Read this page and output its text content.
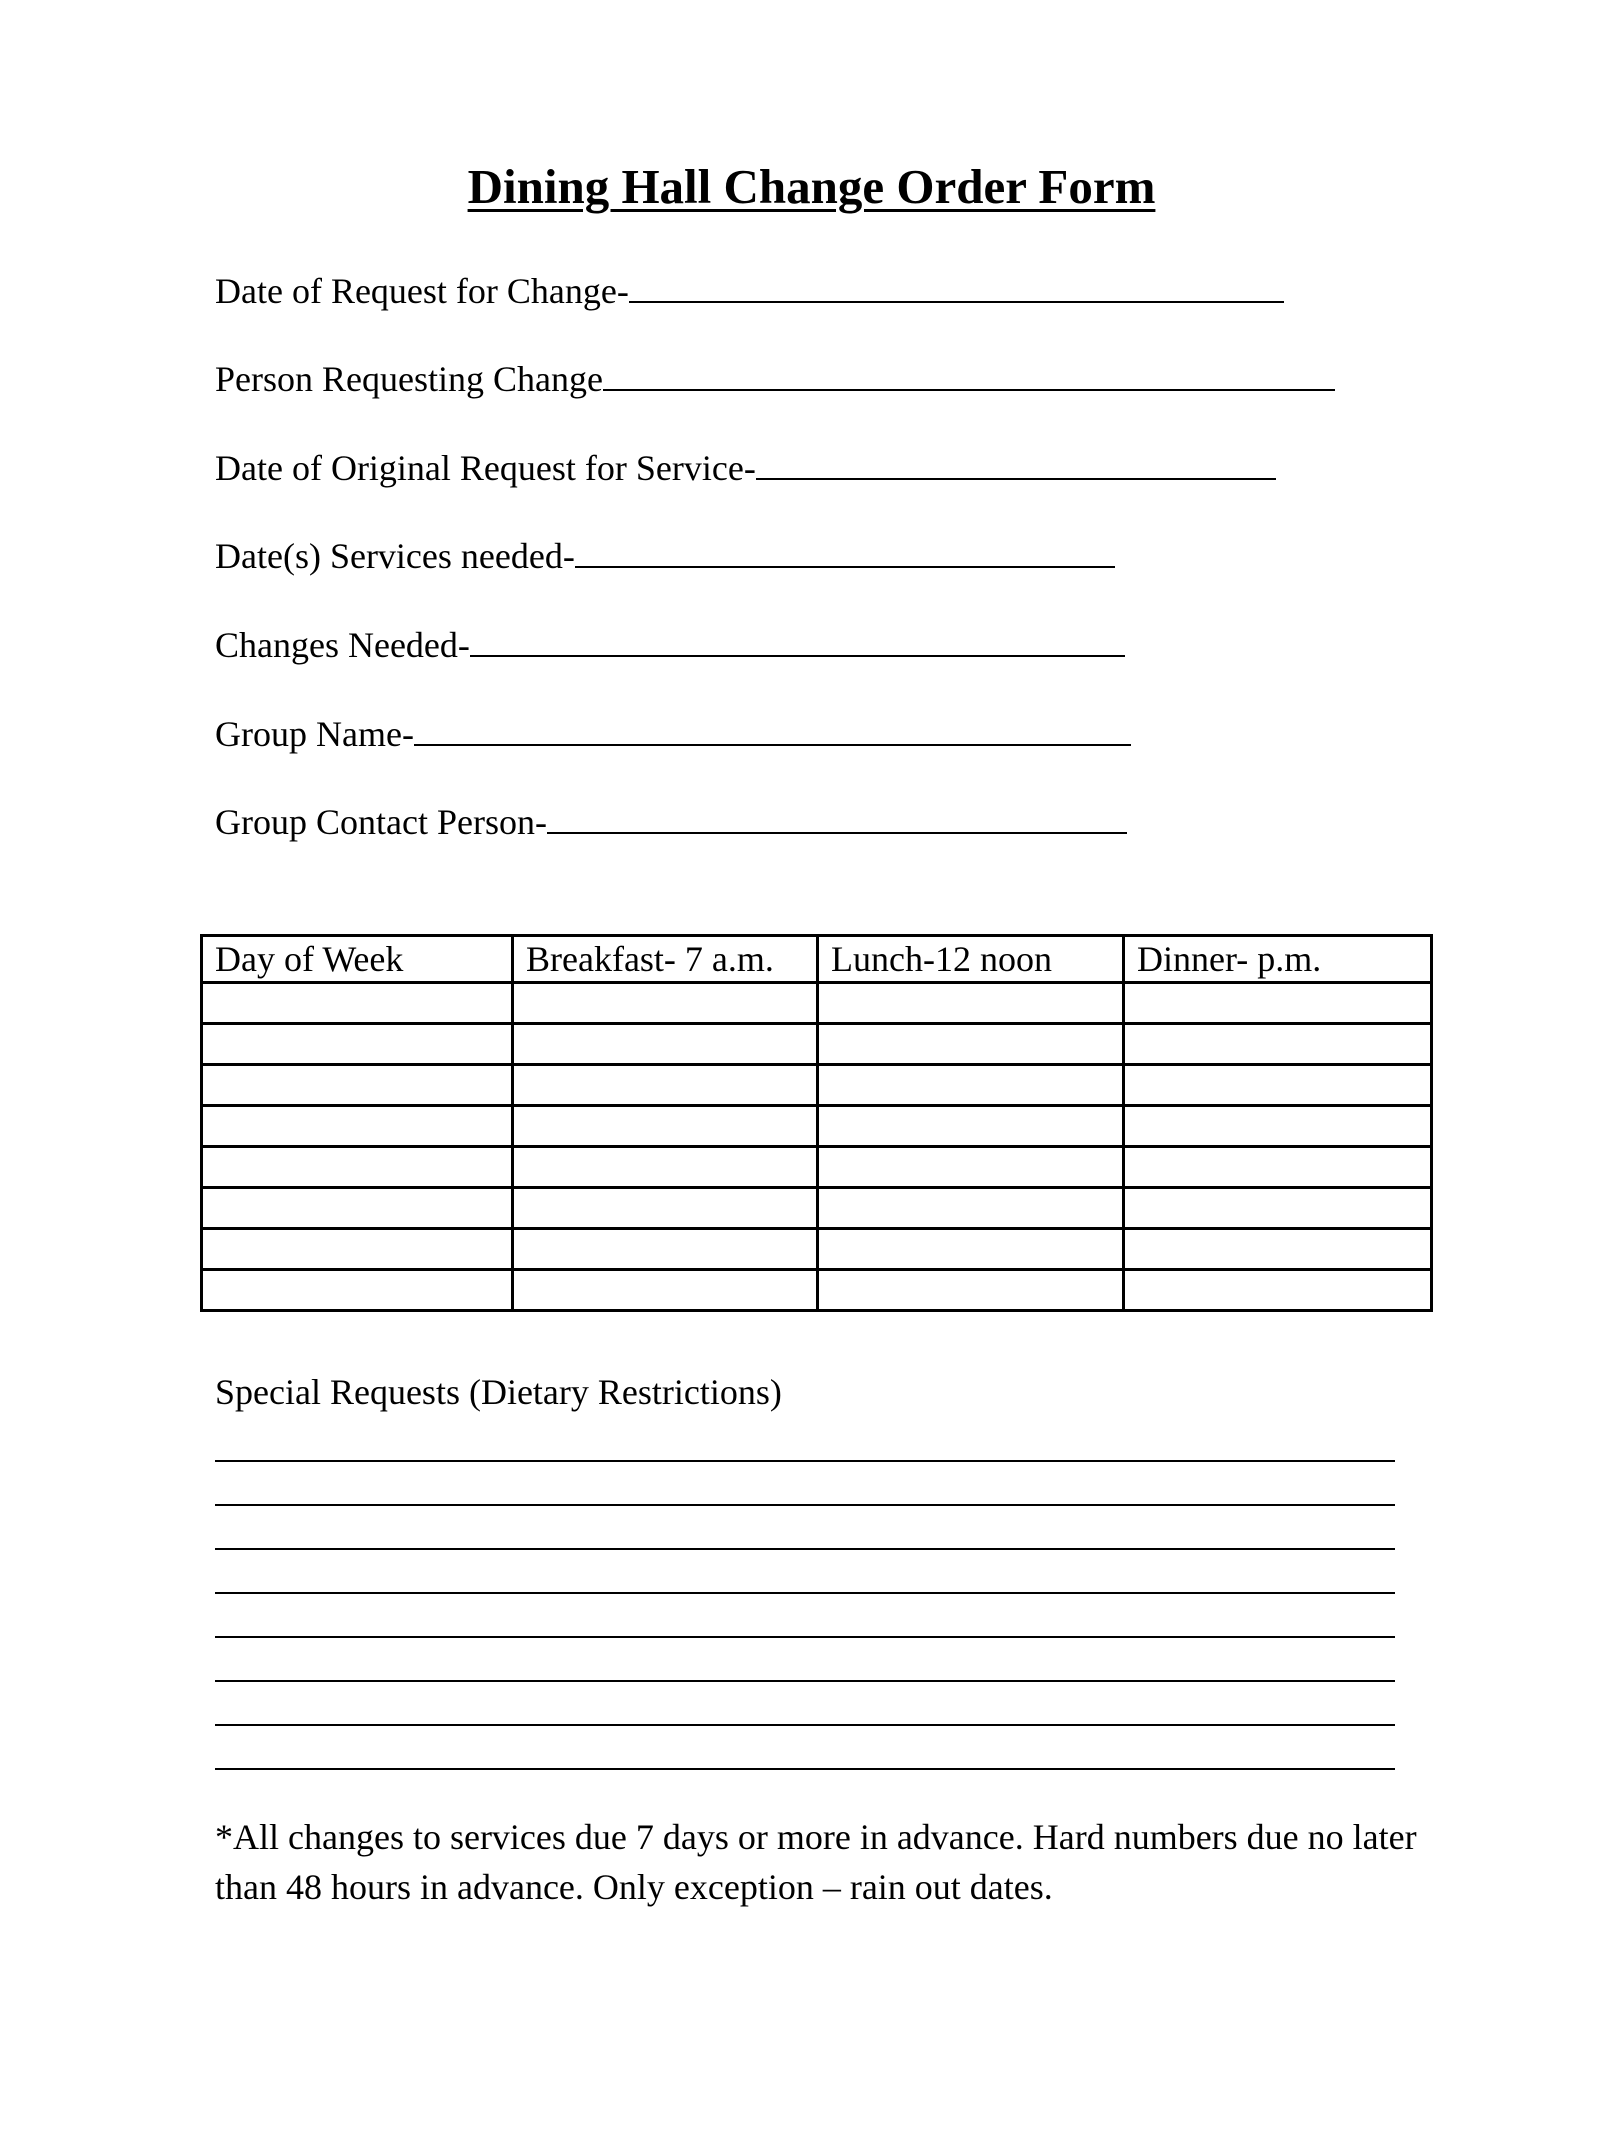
Dining Hall Change Order Form
Date of Request for Change-
Person Requesting Change
Date of Original Request for Service-
Date(s) Services needed-
Changes Needed-
Group Name-
Group Contact Person-
Day of Week	Breakfast- 7 a.m.	Lunch-12 noon	Dinner- p.m.

Special Requests (Dietary Restrictions)
*All changes to services due 7 days or more in advance. Hard numbers due no later than 48 hours in advance. Only exception – rain out dates.
